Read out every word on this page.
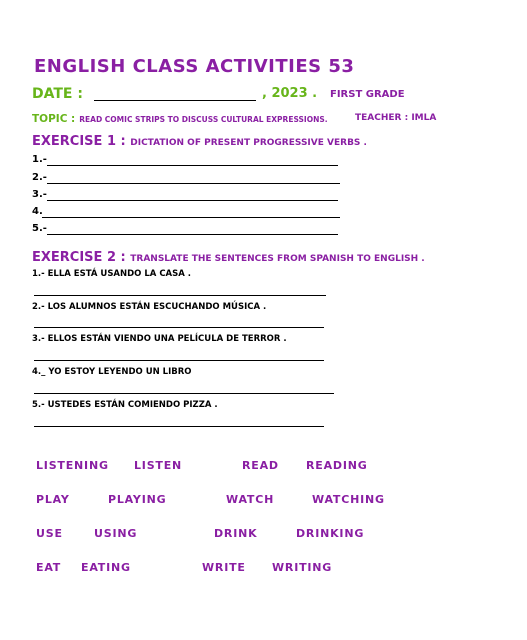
ENGLISH CLASS ACTIVITIES 53
DATE :	, 2023 . FIRST GRADE
TOPIC : READ COMIC STRIPS TO DISCUSS CULTURAL EXPRESSIONS.	TEACHER : IMLA
EXERCISE 1 : DICTATION OF PRESENT PROGRESSIVE VERBS .
1.-
2.-
3.-
4.
5.-
EXERCISE 2 : TRANSLATE THE SENTENCES FROM SPANISH TO ENGLISH .
1.- ELLA ESTÁ USANDO LA CASA .
2.- LOS ALUMNOS ESTÁN ESCUCHANDO MÚSICA .
3.- ELLOS ESTÁN VIENDO UNA PELÍCULA DE TERROR .
4._ YO ESTOY LEYENDO UN LIBRO
5.- USTEDES ESTÁN COMIENDO PIZZA .
LISTENING LISTEN	READ READING
PLAY	PLAYING	WATCH	WATCHING
USE	USING	DRINK	DRINKING
EAT EATING	WRITE WRITING
